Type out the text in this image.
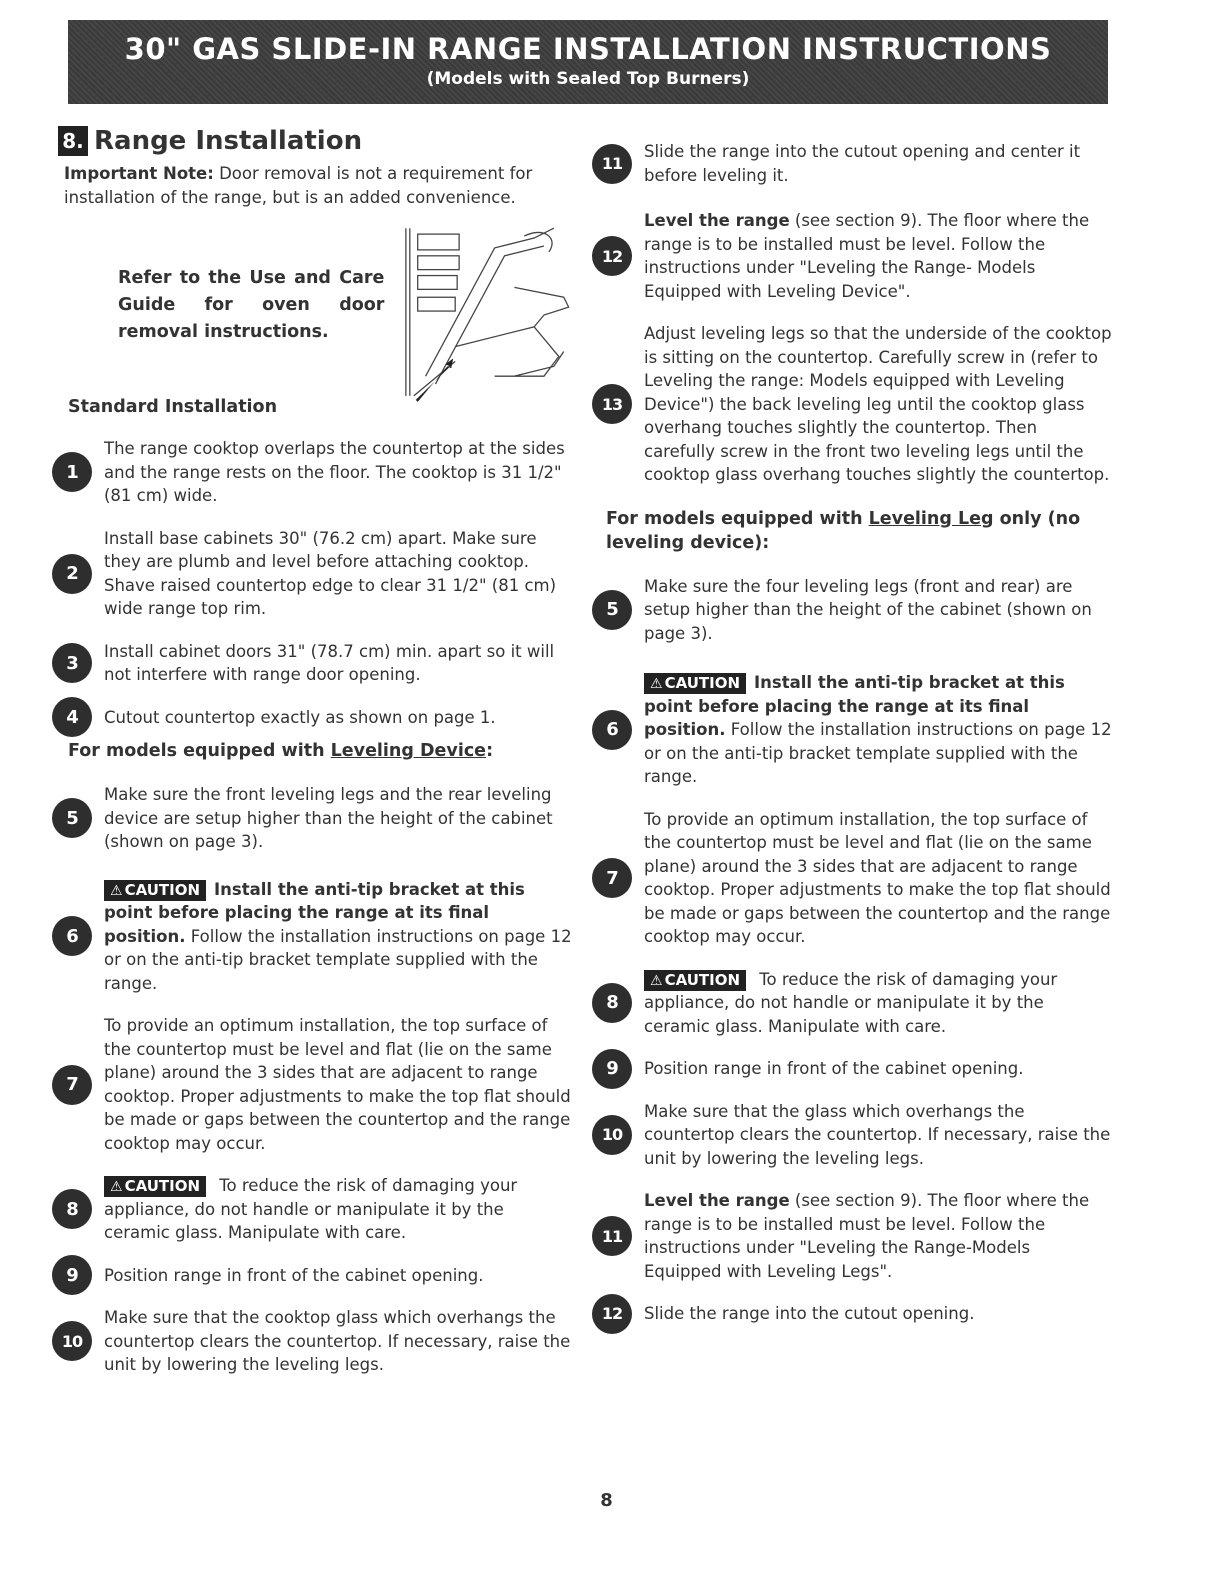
30" GAS SLIDE-IN RANGE INSTALLATION INSTRUCTIONS
(Models with Sealed Top Burners)
8. Range Installation

Important Note: Door removal is not a requirement for installation of the range, but is an added convenience.

Refer to the Use and Care Guide for oven door removal instructions.
Standard Installation
1

The range cooktop overlaps the countertop at the sides and the range rests on the floor. The cooktop is 31 1/2" (81 cm) wide.

2

Install base cabinets 30" (76.2 cm) apart. Make sure they are plumb and level before attaching cooktop. Shave raised countertop edge to clear 31 1/2" (81 cm) wide range top rim.

3

Install cabinet doors 31" (78.7 cm) min. apart so it will not interfere with range door opening.

4	Cutout countertop exactly as shown on page 1.

For models equipped with Leveling Device:
5

Make sure the front leveling legs and the rear leveling device are setup higher than the height of the cabinet (shown on page 3).

6

⚠ CAUTION Install the anti-tip bracket at this point before placing the range at its final position. Follow the installation instructions on page 12 or on the anti-tip bracket template supplied with the range.

7

To provide an optimum installation, the top surface of the countertop must be level and flat (lie on the same plane) around the 3 sides that are adjacent to range cooktop. Proper adjustments to make the top flat should be made or gaps between the countertop and the range cooktop may occur.

8

⚠ CAUTION To reduce the risk of damaging your appliance, do not handle or manipulate it by the ceramic glass. Manipulate with care.

9	Position range in front of the cabinet opening.

10

Make sure that the cooktop glass which overhangs the countertop clears the countertop. If necessary, raise the unit by lowering the leveling legs.

11

Slide the range into the cutout opening and center it before leveling it.

12

Level the range (see section 9). The floor where the range is to be installed must be level. Follow the instructions under "Leveling the Range- Models Equipped with Leveling Device".

13

Adjust leveling legs so that the underside of the cooktop is sitting on the countertop. Carefully screw in (refer to Leveling the range: Models equipped with Leveling Device") the back leveling leg until the cooktop glass overhang touches slightly the countertop. Then carefully screw in the front two leveling legs until the cooktop glass overhang touches slightly the countertop.

For models equipped with Leveling Leg only (no leveling device):
5

Make sure the four leveling legs (front and rear) are setup higher than the height of the cabinet (shown on page 3).

6

⚠ CAUTION Install the anti-tip bracket at this point before placing the range at its final position. Follow the installation instructions on page 12 or on the anti-tip bracket template supplied with the range.

7

To provide an optimum installation, the top surface of the countertop must be level and flat (lie on the same plane) around the 3 sides that are adjacent to range cooktop. Proper adjustments to make the top flat should be made or gaps between the countertop and the range cooktop may occur.

8

⚠ CAUTION To reduce the risk of damaging your appliance, do not handle or manipulate it by the ceramic glass. Manipulate with care.

9	Position range in front of the cabinet opening.

10

Make sure that the glass which overhangs the countertop clears the countertop. If necessary, raise the unit by lowering the leveling legs.

11

Level the range (see section 9). The floor where the range is to be installed must be level. Follow the instructions under "Leveling the Range-Models Equipped with Leveling Legs".

12	Slide the range into the cutout opening.

8
